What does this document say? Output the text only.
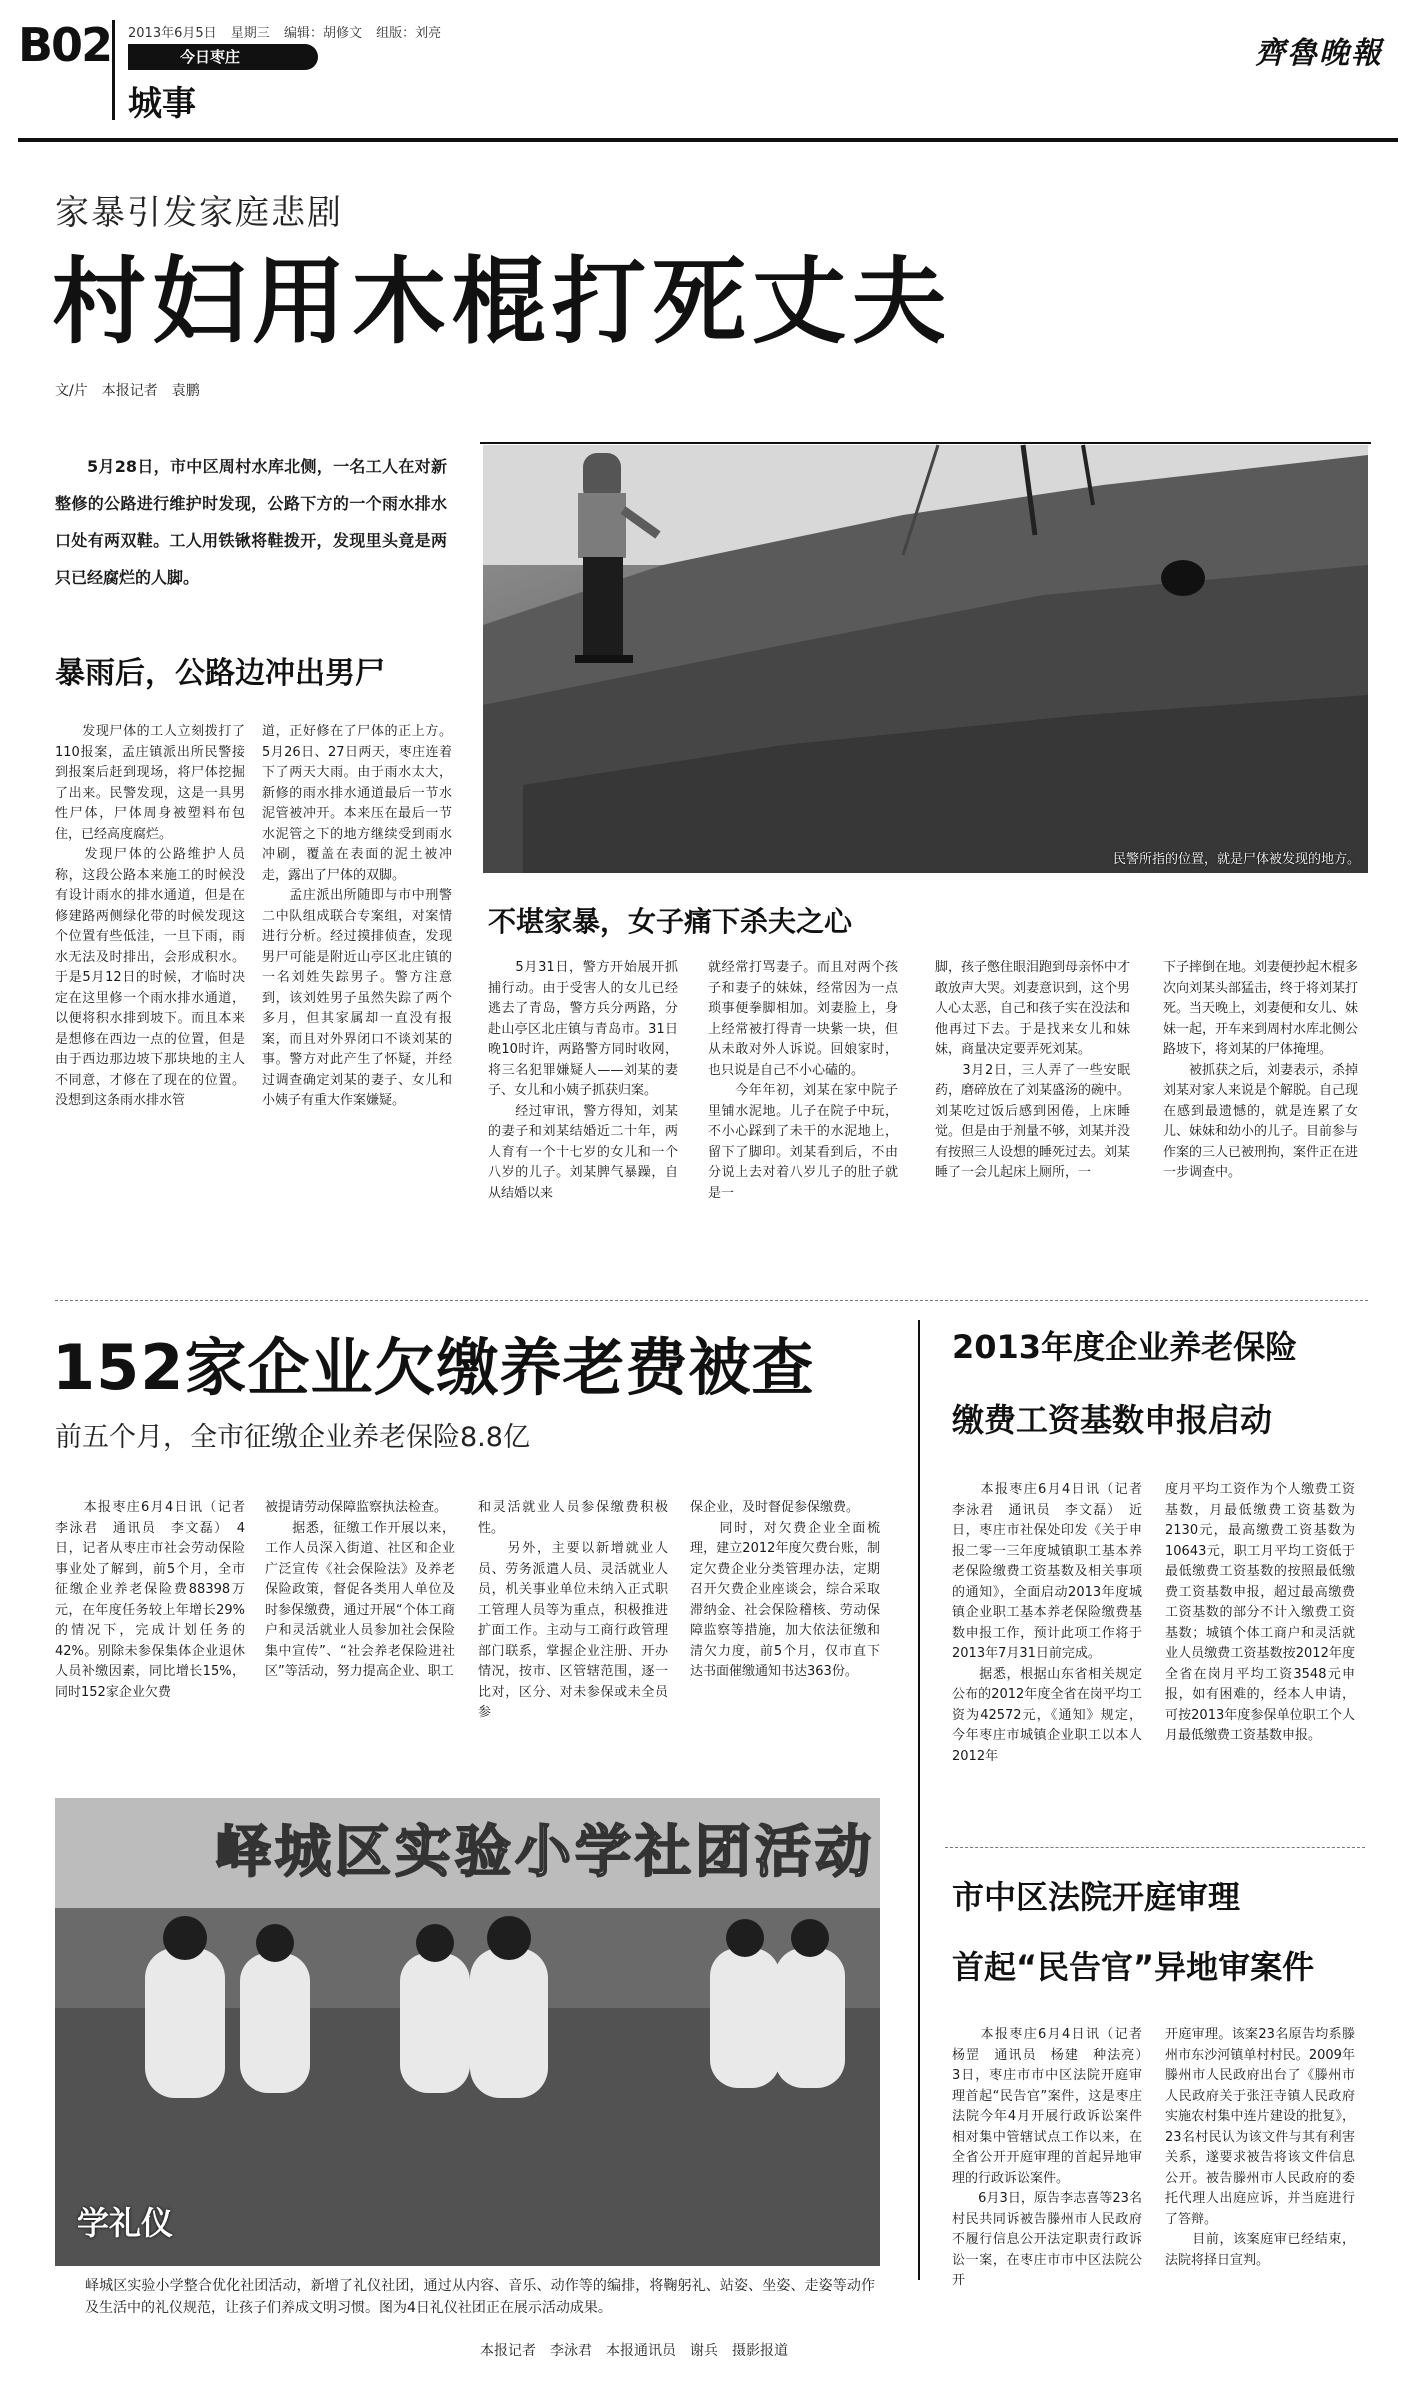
B02 2013年6月5日 星期三 编辑：胡修文 组版：刘亮
今日枣庄
城事
齊魯晚報
家暴引发家庭悲剧
村妇用木棍打死丈夫
文/片　本报记者　袁鹏
5月28日，市中区周村水库北侧，一名工人在对新整修的公路进行维护时发现，公路下方的一个雨水排水口处有两双鞋。工人用铁锹将鞋拨开，发现里头竟是两只已经腐烂的人脚。
暴雨后，公路边冲出男尸
　　发现尸体的工人立刻拨打了110报案，孟庄镇派出所民警接到报案后赶到现场，将尸体挖掘了出来。民警发现，这是一具男性尸体，尸体周身被塑料布包住，已经高度腐烂。
　　发现尸体的公路维护人员称，这段公路本来施工的时候没有设计雨水的排水通道，但是在修建路两侧绿化带的时候发现这个位置有些低洼，一旦下雨，雨水无法及时排出，会形成积水。于是5月12日的时候，才临时决定在这里修一个雨水排水通道，以便将积水排到坡下。而且本来是想修在西边一点的位置，但是由于西边那边坡下那块地的主人不同意，才修在了现在的位置。没想到这条雨水排水管
道，正好修在了尸体的正上方。5月26日、27日两天，枣庄连着下了两天大雨。由于雨水太大，新修的雨水排水通道最后一节水泥管被冲开。本来压在最后一节水泥管之下的地方继续受到雨水冲刷，覆盖在表面的泥土被冲走，露出了尸体的双脚。
　　孟庄派出所随即与市中刑警二中队组成联合专案组，对案情进行分析。经过摸排侦查，发现男尸可能是附近山亭区北庄镇的一名刘姓失踪男子。警方注意到，该刘姓男子虽然失踪了两个多月，但其家属却一直没有报案，而且对外界闭口不谈刘某的事。警方对此产生了怀疑，并经过调查确定刘某的妻子、女儿和小姨子有重大作案嫌疑。
民警所指的位置，就是尸体被发现的地方。
不堪家暴，女子痛下杀夫之心
　　5月31日，警方开始展开抓捕行动。由于受害人的女儿已经逃去了青岛，警方兵分两路，分赴山亭区北庄镇与青岛市。31日晚10时许，两路警方同时收网，将三名犯罪嫌疑人——刘某的妻子、女儿和小姨子抓获归案。
　　经过审讯，警方得知，刘某的妻子和刘某结婚近二十年，两人育有一个十七岁的女儿和一个八岁的儿子。刘某脾气暴躁，自从结婚以来
就经常打骂妻子。而且对两个孩子和妻子的妹妹，经常因为一点琐事便拳脚相加。刘妻脸上，身上经常被打得青一块紫一块，但从未敢对外人诉说。回娘家时，也只说是自己不小心磕的。
　　今年年初，刘某在家中院子里铺水泥地。儿子在院子中玩，不小心踩到了未干的水泥地上，留下了脚印。刘某看到后，不由分说上去对着八岁儿子的肚子就是一
脚，孩子憋住眼泪跑到母亲怀中才敢放声大哭。刘妻意识到，这个男人心太恶，自己和孩子实在没法和他再过下去。于是找来女儿和妹妹，商量决定要弄死刘某。
　　3月2日，三人弄了一些安眠药，磨碎放在了刘某盛汤的碗中。刘某吃过饭后感到困倦，上床睡觉。但是由于剂量不够，刘某并没有按照三人设想的睡死过去。刘某睡了一会儿起床上厕所，一
下子摔倒在地。刘妻便抄起木棍多次向刘某头部猛击，终于将刘某打死。当天晚上，刘妻便和女儿、妹妹一起，开车来到周村水库北侧公路坡下，将刘某的尸体掩埋。
　　被抓获之后，刘妻表示，杀掉刘某对家人来说是个解脱。自己现在感到最遗憾的，就是连累了女儿、妹妹和幼小的儿子。目前参与作案的三人已被刑拘，案件正在进一步调查中。
152家企业欠缴养老费被查
前五个月，全市征缴企业养老保险8.8亿
　　本报枣庄6月4日讯（记者　李泳君　通讯员　李文磊）　4日，记者从枣庄市社会劳动保险事业处了解到，前5个月，全市征缴企业养老保险费88398万元，在年度任务较上年增长29%的情况下，完成计划任务的42%。别除未参保集体企业退休人员补缴因素，同比增长15%，同时152家企业欠费
被提请劳动保障监察执法检查。
　　据悉，征缴工作开展以来，工作人员深入街道、社区和企业广泛宣传《社会保险法》及养老保险政策，督促各类用人单位及时参保缴费，通过开展“个体工商户和灵活就业人员参加社会保险集中宣传”、“社会养老保险进社区”等活动，努力提高企业、职工
和灵活就业人员参保缴费积极性。
　　另外，主要以新增就业人员、劳务派遣人员、灵活就业人员，机关事业单位未纳入正式职工管理人员等为重点，积极推进扩面工作。主动与工商行政管理部门联系，掌握企业注册、开办情况，按市、区管辖范围，逐一比对，区分、对未参保或未全员参
保企业，及时督促参保缴费。
　　同时，对欠费企业全面梳理，建立2012年度欠费台账，制定欠费企业分类管理办法，定期召开欠费企业座谈会，综合采取滞纳金、社会保险稽核、劳动保障监察等措施，加大依法征缴和清欠力度，前5个月，仅市直下达书面催缴通知书达363份。
峄城区实验小学社团活动
学礼仪
峄城区实验小学整合优化社团活动，新增了礼仪社团，通过从内容、音乐、动作等的编排，将鞠躬礼、站姿、坐姿、走姿等动作及生活中的礼仪规范，让孩子们养成文明习惯。图为4日礼仪社团正在展示活动成果。
本报记者　李泳君　本报通讯员　谢兵　摄影报道
2013年度企业养老保险
缴费工资基数申报启动
　　本报枣庄6月4日讯（记者　李泳君　通讯员　李文磊）　近日，枣庄市社保处印发《关于申报二零一三年度城镇职工基本养老保险缴费工资基数及相关事项的通知》，全面启动2013年度城镇企业职工基本养老保险缴费基数申报工作，预计此项工作将于2013年7月31日前完成。
　　据悉，根据山东省相关规定公布的2012年度全省在岗平均工资为42572元，《通知》规定，今年枣庄市城镇企业职工以本人2012年
度月平均工资作为个人缴费工资基数，月最低缴费工资基数为2130元，最高缴费工资基数为10643元，职工月平均工资低于最低缴费工资基数的按照最低缴费工资基数申报，超过最高缴费工资基数的部分不计入缴费工资基数；城镇个体工商户和灵活就业人员缴费工资基数按2012年度全省在岗月平均工资3548元申报，如有困难的，经本人申请，可按2013年度参保单位职工个人月最低缴费工资基数申报。
市中区法院开庭审理
首起“民告官”异地审案件
　　本报枣庄6月4日讯（记者　杨罡　通讯员　杨建　种法亮）　3日，枣庄市市中区法院开庭审理首起“民告官”案件，这是枣庄法院今年4月开展行政诉讼案件相对集中管辖试点工作以来，在全省公开开庭审理的首起异地审理的行政诉讼案件。
　　6月3日，原告李志喜等23名村民共同诉被告滕州市人民政府不履行信息公开法定职责行政诉讼一案，在枣庄市市中区法院公开
开庭审理。该案23名原告均系滕州市东沙河镇单村村民。2009年滕州市人民政府出台了《滕州市人民政府关于张汪寺镇人民政府实施农村集中连片建设的批复》，23名村民认为该文件与其有利害关系，遂要求被告将该文件信息公开。被告滕州市人民政府的委托代理人出庭应诉，并当庭进行了答辩。
　　目前，该案庭审已经结束，法院将择日宣判。
